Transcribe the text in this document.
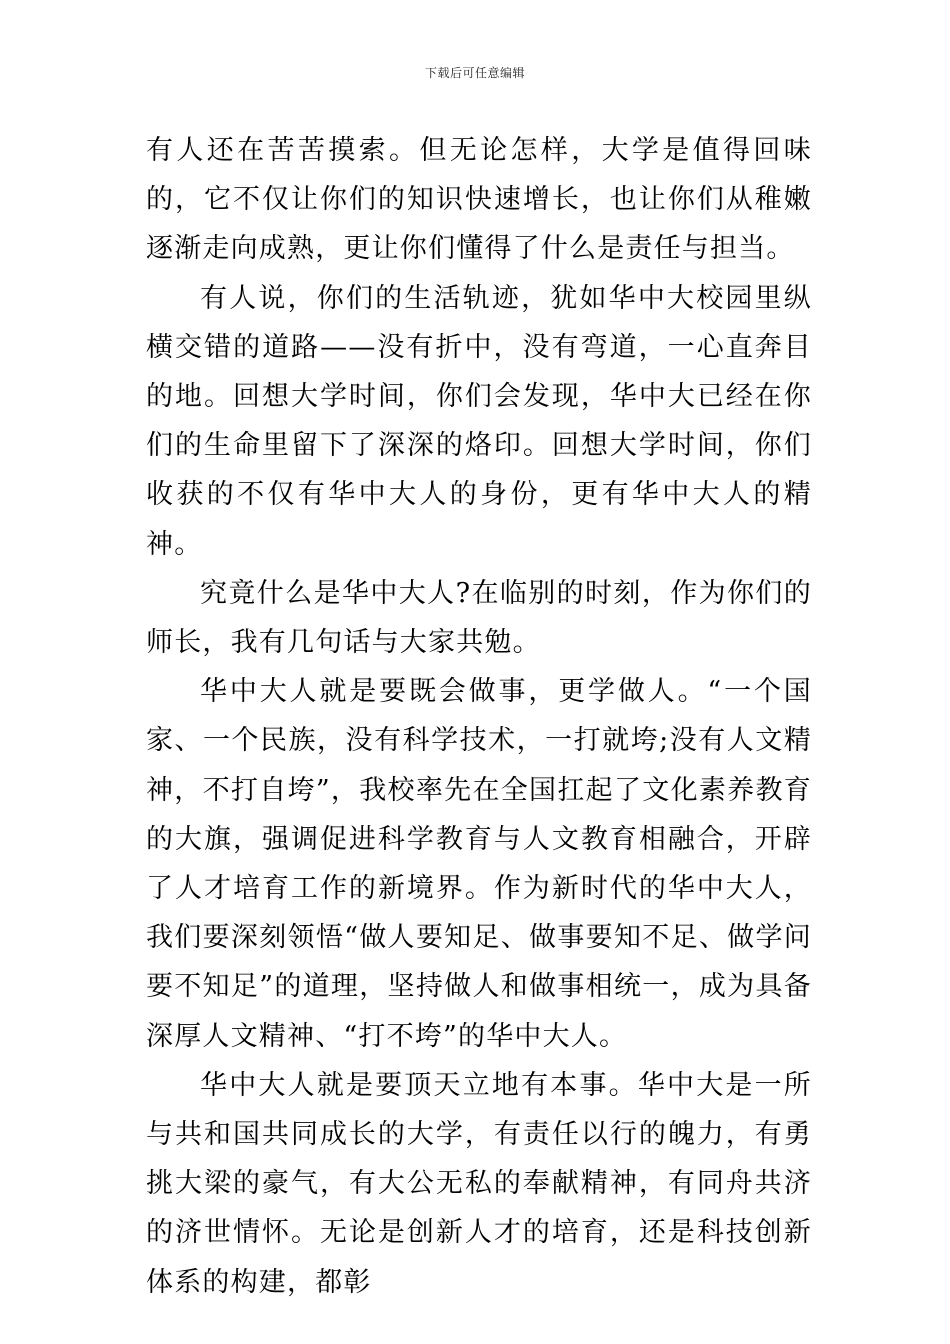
下载后可任意编辑

有人还在苦苦摸索。但无论怎样，大学是值得回味的，它不仅让你们的知识快速增长，也让你们从稚嫩逐渐走向成熟，更让你们懂得了什么是责任与担当。

有人说，你们的生活轨迹，犹如华中大校园里纵横交错的道路——没有折中，没有弯道，一心直奔目的地。回想大学时间，你们会发现，华中大已经在你们的生命里留下了深深的烙印。回想大学时间，你们收获的不仅有华中大人的身份，更有华中大人的精神。

究竟什么是华中大人?在临别的时刻，作为你们的师长，我有几句话与大家共勉。

华中大人就是要既会做事，更学做人。“一个国家、一个民族，没有科学技术，一打就垮;没有人文精神，不打自垮”，我校率先在全国扛起了文化素养教育的大旗，强调促进科学教育与人文教育相融合，开辟了人才培育工作的新境界。作为新时代的华中大人，我们要深刻领悟“做人要知足、做事要知不足、做学问要不知足”的道理，坚持做人和做事相统一，成为具备深厚人文精神、“打不垮”的华中大人。

华中大人就是要顶天立地有本事。华中大是一所与共和国共同成长的大学，有责任以行的魄力，有勇挑大梁的豪气，有大公无私的奉献精神，有同舟共济的济世情怀。无论是创新人才的培育，还是科技创新体系的构建，都彰
